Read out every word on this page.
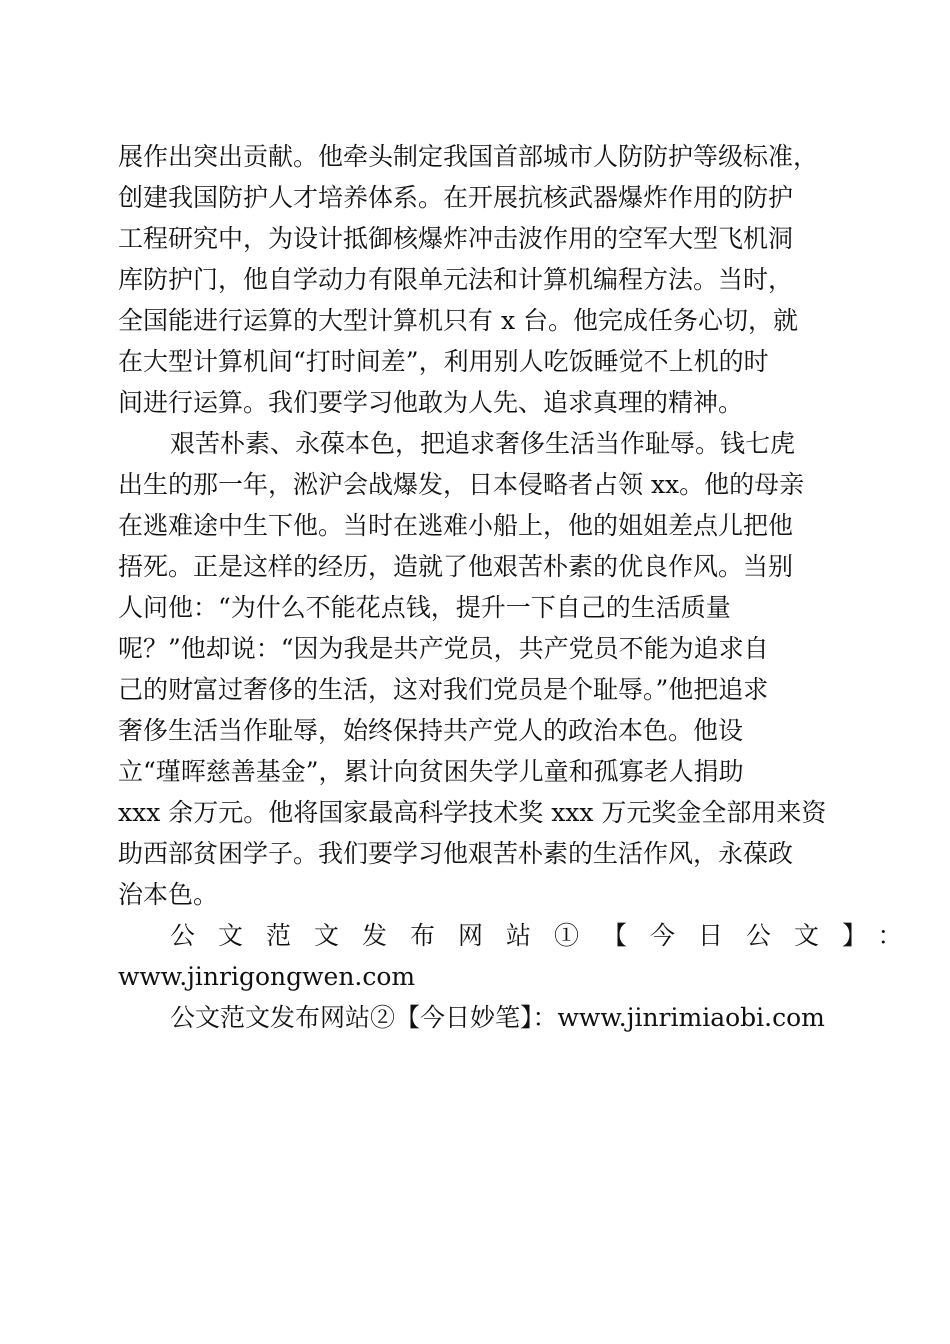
展作出突出贡献。他牵头制定我国首部城市人防防护等级标准，
创建我国防护人才培养体系。在开展抗核武器爆炸作用的防护
工程研究中，为设计抵御核爆炸冲击波作用的空军大型飞机洞
库防护门，他自学动力有限单元法和计算机编程方法。当时，
全国能进行运算的大型计算机只有 x 台。他完成任务心切，就
在大型计算机间“打时间差”，利用别人吃饭睡觉不上机的时
间进行运算。我们要学习他敢为人先、追求真理的精神。
艰苦朴素、永葆本色，把追求奢侈生活当作耻辱。钱七虎
出生的那一年，淞沪会战爆发，日本侵略者占领 xx。他的母亲
在逃难途中生下他。当时在逃难小船上，他的姐姐差点儿把他
捂死。正是这样的经历，造就了他艰苦朴素的优良作风。当别
人问他：“为什么不能花点钱，提升一下自己的生活质量
呢？”他却说：“因为我是共产党员，共产党员不能为追求自
己的财富过奢侈的生活，这对我们党员是个耻辱。”他把追求
奢侈生活当作耻辱，始终保持共产党人的政治本色。他设
立“瑾晖慈善基金”，累计向贫困失学儿童和孤寡老人捐助
xxx 余万元。他将国家最高科学技术奖 xxx 万元奖金全部用来资
助西部贫困学子。我们要学习他艰苦朴素的生活作风，永葆政
治本色。
公文范文发布网站①【今日公文】：
www.jinrigongwen.com
公文范文发布网站②【今日妙笔】：www.jinrimiaobi.com
